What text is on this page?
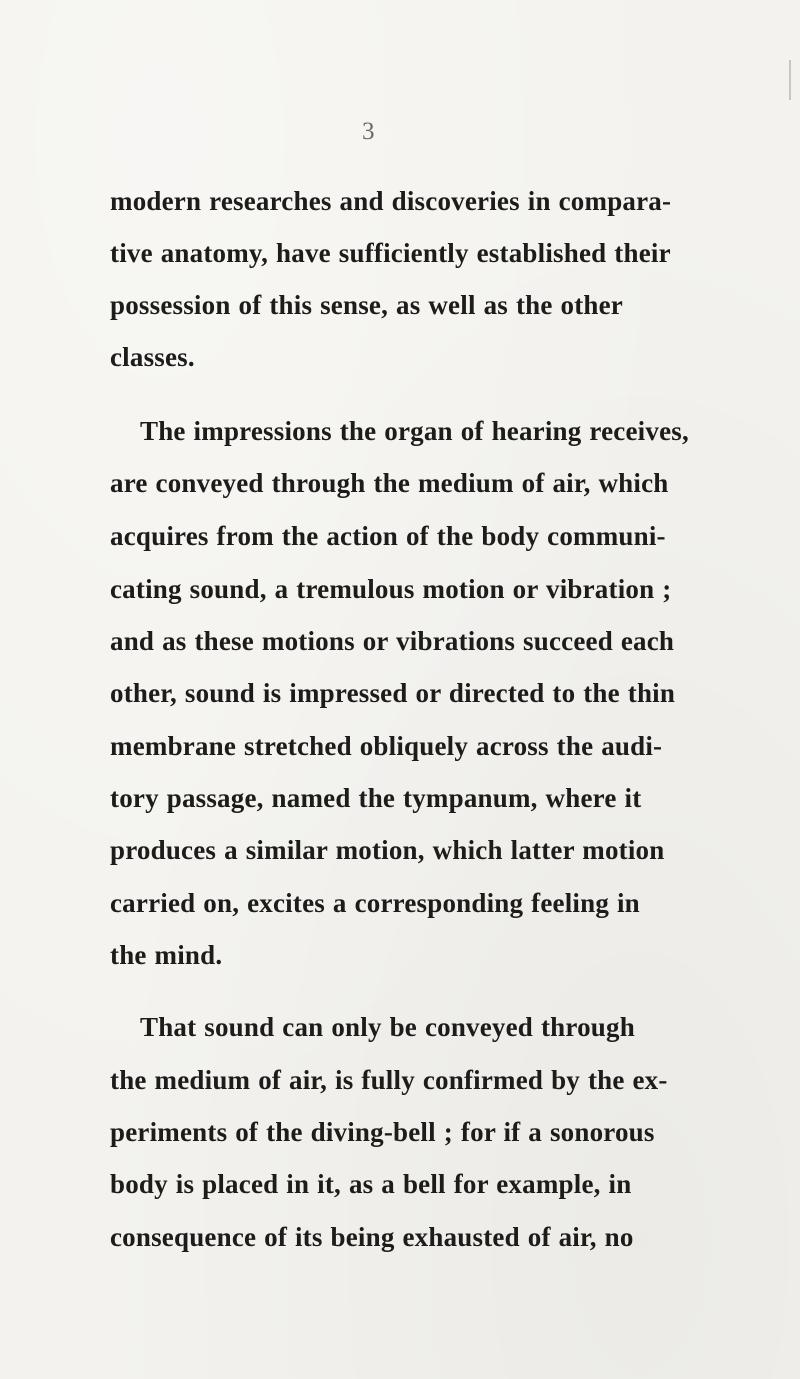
3
modern researches and discoveries in compara-
tive anatomy, have sufficiently established their
possession of this sense, as well as the other
classes.
The impressions the organ of hearing receives,
are conveyed through the medium of air, which
acquires from the action of the body communi-
cating sound, a tremulous motion or vibration ;
and as these motions or vibrations succeed each
other, sound is impressed or directed to the thin
membrane stretched obliquely across the audi-
tory passage, named the tympanum, where it
produces a similar motion, which latter motion
carried on, excites a corresponding feeling in
the mind.
That sound can only be conveyed through
the medium of air, is fully confirmed by the ex-
periments of the diving-bell ; for if a sonorous
body is placed in it, as a bell for example, in
consequence of its being exhausted of air, no
